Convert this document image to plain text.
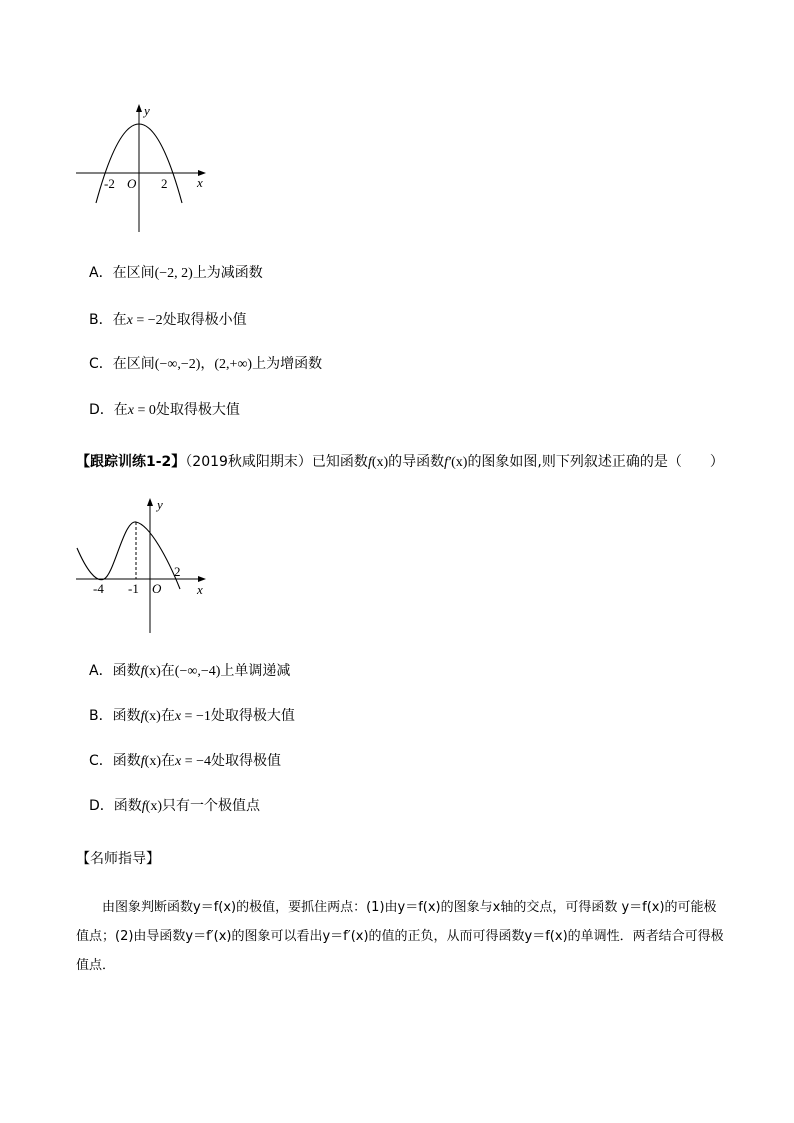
y
x
O
-2	2
A．在区间(−2, 2)上为减函数
B．在x = −2处取得极小值
C．在区间(−∞,−2)，(2,+∞)上为增函数
D．在x = 0处取得极大值
【跟踪训练1-2】（2019秋咸阳期末）已知函数f(x)的导函数f′(x)的图象如图,则下列叙述正确的是（　　）
y
x
O
-4 -1
2
A．函数f(x)在(−∞,−4)上单调递减
B．函数f(x)在x = −1处取得极大值
C．函数f(x)在x = −4处取得极值
D．函数f(x)只有一个极值点
【名师指导】
由图象判断函数y＝f(x)的极值，要抓住两点：(1)由y＝f(x)的图象与x轴的交点，可得函数 y＝f(x)的可能极值点；(2)由导函数y＝f′(x)的图象可以看出y＝f′(x)的值的正负，从而可得函数y＝f(x)的单调性．两者结合可得极值点．
